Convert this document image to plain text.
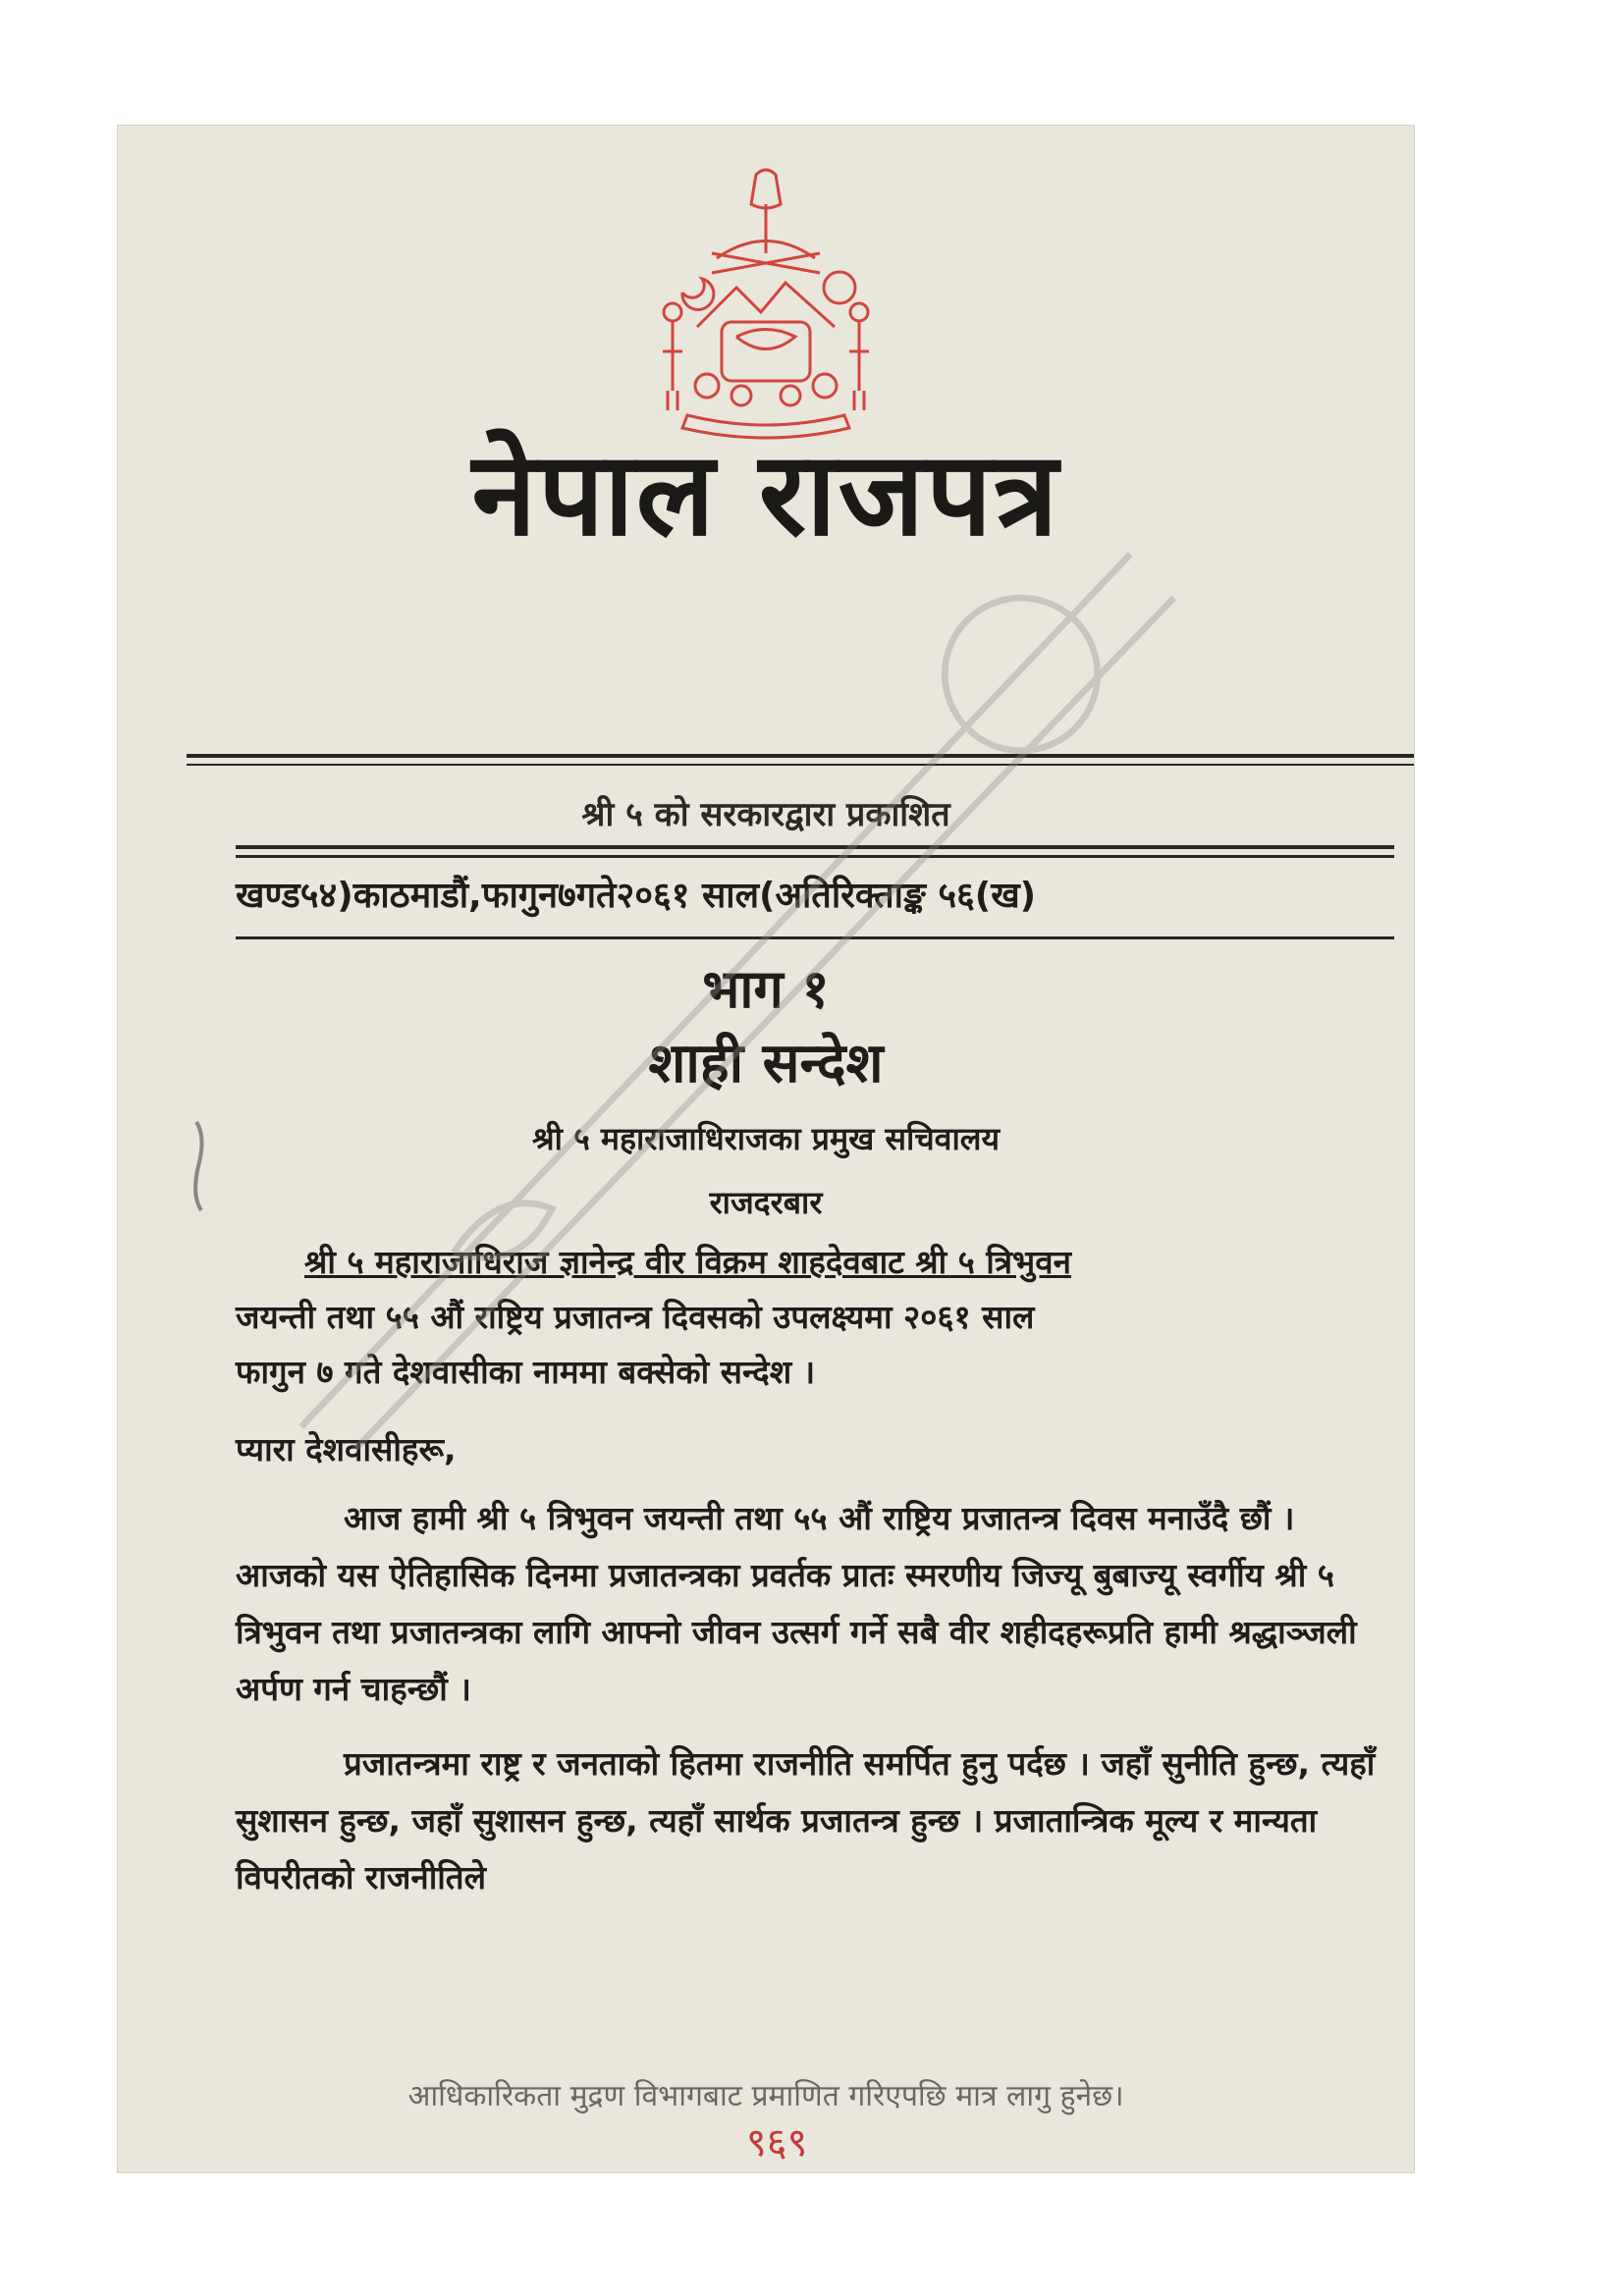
नेपाल राजपत्र
श्री ५ को सरकारद्वारा प्रकाशित
खण्ड५४)काठमाडौं,फागुन७गते२०६१ साल(अतिरिक्ताङ्क ५६(ख)
भाग १
शाही सन्देश
श्री ५ महाराजाधिराजका प्रमुख सचिवालय
राजदरबार
श्री ५ महाराजाधिराज ज्ञानेन्द्र वीर विक्रम शाहदेवबाट श्री ५ त्रिभुवन
जयन्ती तथा ५५ औं राष्ट्रिय प्रजातन्त्र दिवसको उपलक्ष्यमा २०६१ साल
फागुन ७ गते देशवासीका नाममा बक्सेको सन्देश ।
प्यारा देशवासीहरू,
आज हामी श्री ५ त्रिभुवन जयन्ती तथा ५५ औं राष्ट्रिय प्रजातन्त्र दिवस मनाउँदै छौं । आजको यस ऐतिहासिक दिनमा प्रजातन्त्रका प्रवर्तक प्रातः स्मरणीय जिज्यू बुबाज्यू स्वर्गीय श्री ५ त्रिभुवन तथा प्रजातन्त्रका लागि आफ्नो जीवन उत्सर्ग गर्ने सबै वीर शहीदहरूप्रति हामी श्रद्धाञ्जली अर्पण गर्न चाहन्छौं ।
प्रजातन्त्रमा राष्ट्र र जनताको हितमा राजनीति समर्पित हुनु पर्दछ । जहाँ सुनीति हुन्छ, त्यहाँ सुशासन हुन्छ, जहाँ सुशासन हुन्छ, त्यहाँ सार्थक प्रजातन्त्र हुन्छ । प्रजातान्त्रिक मूल्य र मान्यता विपरीतको राजनीतिले
आधिकारिकता मुद्रण विभागबाट प्रमाणित गरिएपछि मात्र लागु हुनेछ।
९६९
